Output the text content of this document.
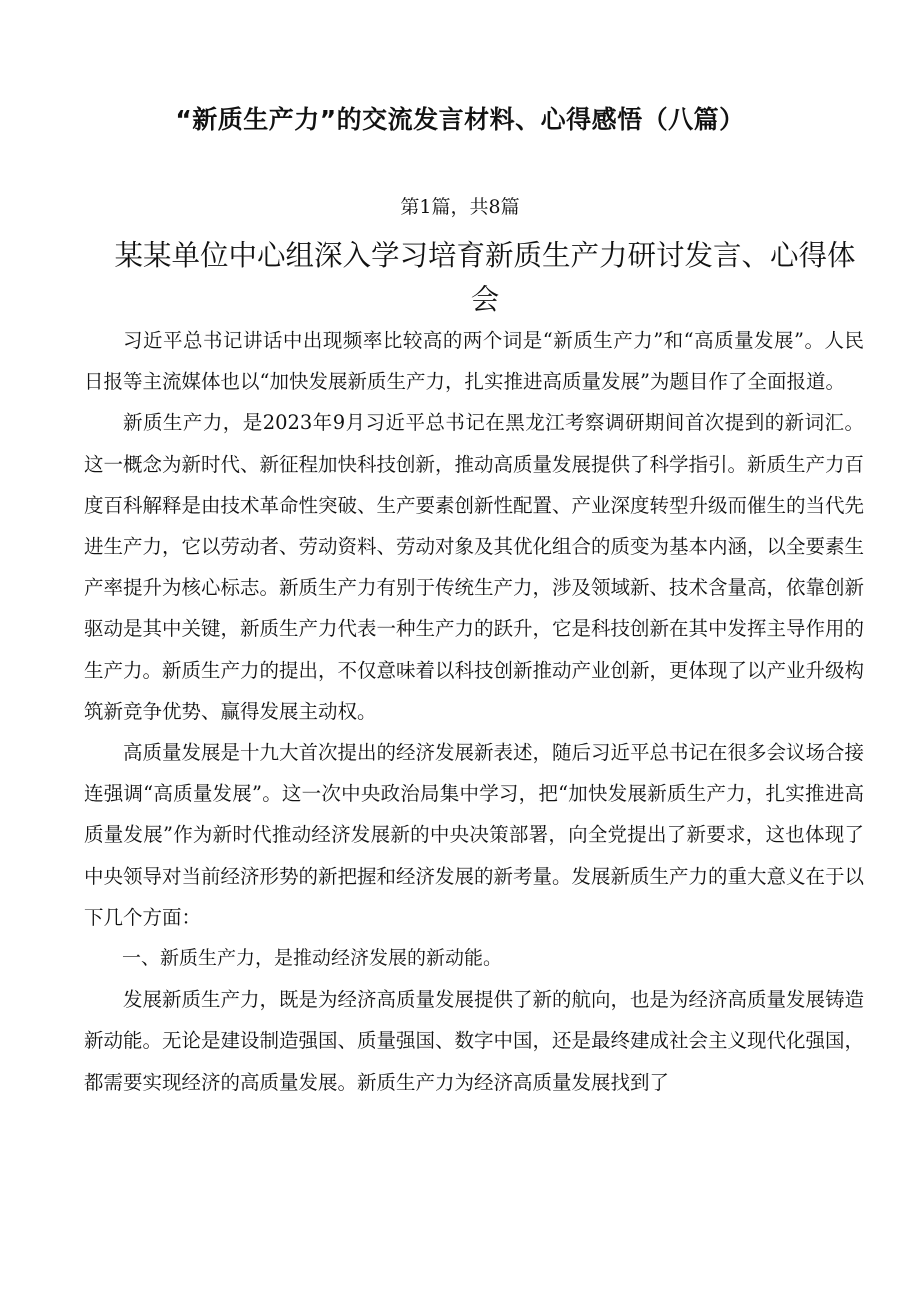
“新质生产力”的交流发言材料、心得感悟（八篇）
第1篇，共8篇
某某单位中心组深入学习培育新质生产力研讨发言、心得体会

习近平总书记讲话中出现频率比较高的两个词是“新质生产力”和“高质量发展”。人民日报等主流媒体也以“加快发展新质生产力，扎实推进高质量发展”为题目作了全面报道。

新质生产力，是2023年9月习近平总书记在黑龙江考察调研期间首次提到的新词汇。这一概念为新时代、新征程加快科技创新，推动高质量发展提供了科学指引。新质生产力百度百科解释是由技术革命性突破、生产要素创新性配置、产业深度转型升级而催生的当代先进生产力，它以劳动者、劳动资料、劳动对象及其优化组合的质变为基本内涵，以全要素生产率提升为核心标志。新质生产力有别于传统生产力，涉及领域新、技术含量高，依靠创新驱动是其中关键，新质生产力代表一种生产力的跃升，它是科技创新在其中发挥主导作用的生产力。新质生产力的提出，不仅意味着以科技创新推动产业创新，更体现了以产业升级构筑新竞争优势、赢得发展主动权。

高质量发展是十九大首次提出的经济发展新表述，随后习近平总书记在很多会议场合接连强调“高质量发展”。这一次中央政治局集中学习，把“加快发展新质生产力，扎实推进高质量发展”作为新时代推动经济发展新的中央决策部署，向全党提出了新要求，这也体现了中央领导对当前经济形势的新把握和经济发展的新考量。发展新质生产力的重大意义在于以下几个方面：

一、新质生产力，是推动经济发展的新动能。

发展新质生产力，既是为经济高质量发展提供了新的航向，也是为经济高质量发展铸造新动能。无论是建设制造强国、质量强国、数字中国，还是最终建成社会主义现代化强国，都需要实现经济的高质量发展。新质生产力为经济高质量发展找到了
